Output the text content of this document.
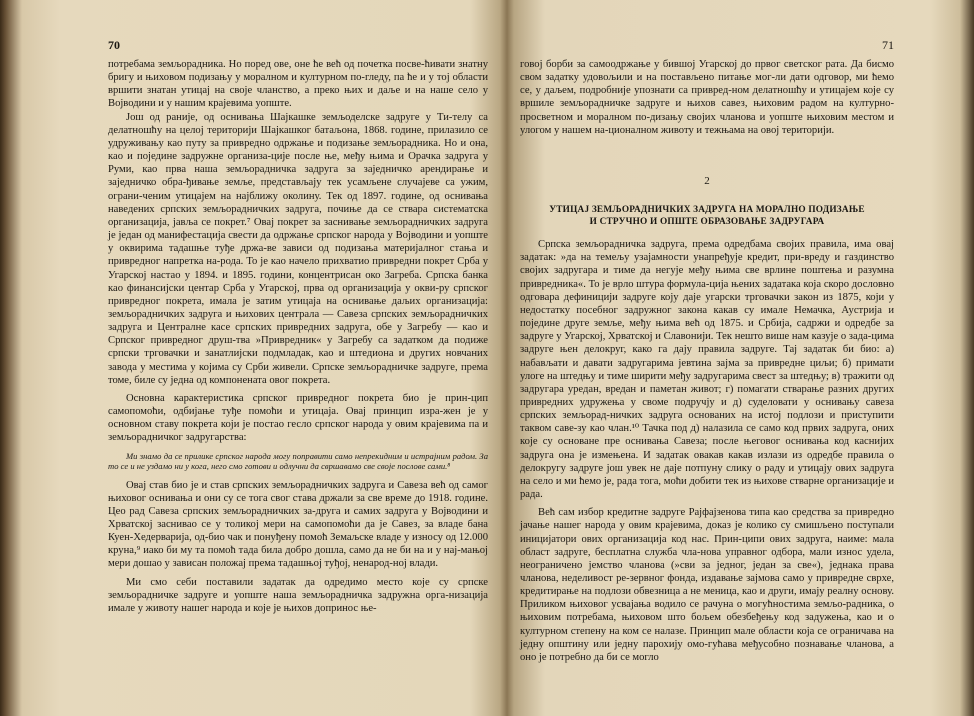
70

потребама земљорадника. Но поред ове, оне ће већ од почетка посве-ћивати знатну бригу и њиховом подизању у моралном и културном по-гледу, па ће и у тој области вршити знатан утицај на своје чланство, а преко њих и даље и на наше село у Војводини и у нашим крајевима уопште.

Још од раније, од оснивања Шајкашке земљоделске задруге у Ти-телу са делатношћу на целој територији Шајкашког батаљона, 1868. године, прилазило се удруживању као путу за привредно одржање и подизање земљорадника. Но и она, као и поједине задружне организа-ције после ње, међу њима и Орачка задруга у Руми, као прва наша земљорадничка задруга за заједничко арендирање и заједничко обра-ђивање земље, представљају тек усамљене случајеве са ужим, ограни-ченим утицајем на најближу околину. Тек од 1897. године, од оснивања наведених српских земљорадничких задруга, почиње да се ствара систематска организација, јавља се покрет.⁷ Овај покрет за заснивање земљорадничких задруга је један од манифестација свести да одржање српског народа у Војводини и уопште у оквирима тадашње туђе држа-ве зависи од подизања материјалног стања и привредног напретка на-рода. То је као начело прихватио привредни покрет Срба у Угарској настао у 1894. и 1895. години, концентрисан око Загреба. Српска банка као финансијски центар Срба у Угарској, прва од организација у окви-ру српског привредног покрета, имала је затим утицаја на оснивање даљих организација: земљорадничких задруга и њихових централа — Савеза српских земљорадничких задруга и Централне касе српских привредних задруга, обе у Загребу — као и Српског привредног друш-тва »Привредник« у Загребу са задатком да подиже српски трговачки и занатлијски подмладак, као и штедиона и других новчаних завода у местима у којима су Срби живели. Српске земљорадничке задруге, према томе, биле су једна од компонената овог покрета.

Основна карактеристика српског привредног покрета био је прин-цип самопомоћи, одбијање туђе помоћи и утицаја. Овај принцип изра-жен је у основном ставу покрета који је постао гесло српског народа у овим крајевима па и земљорадничког задругарства:

Ми знамо да се прилике српског народа могу поправити само непрекидним и истрајним радом. За то се и не уздамо ни у кога, него смо готови и одлучни да свршавамо све своје послове сами.⁸

Овај став био је и став српских земљорадничких задруга и Савеза већ од самог њиховог оснивања и они су се тога свог става држали за све време до 1918. године. Цео рад Савеза српских земљорадничких за-друга и самих задруга у Војводини и Хрватској заснивао се у толикој мери на самопомоћи да је Савез, за владе бана Куен-Хедерварија, од-био чак и понуђену помоћ Земаљске владе у износу од 12.000 круна,⁹ иако би му та помоћ тада била добро дошла, само да не би на и у нај-мањој мери дошао у зависан положај према тадашњој туђој, ненарод-ној влади.

Ми смо себи поставили задатак да одредимо место које су српске земљорадничке задруге и уопште наша земљорадничка задружна орга-низација имале у животу нашег народа и које је њихов допринос ње-

71

говој борби за самоодржање у бившој Угарској до првог светског рата. Да бисмо свом задатку удовољили и на постављено питање мог-ли дати одговор, ми ћемо се, у даљем, подробније упознати са привред-ном делатношћу и утицајем које су вршиле земљорадничке задруге и њихов савез, њиховим радом на културно-просветном и моралном по-дизању својих чланова и уопште њиховим местом и улогом у нашем на-ционалном животу и тежњама на овој територији.

2
УТИЦАЈ ЗЕМЉОРАДНИЧКИХ ЗАДРУГА НА МОРАЛНО ПОДИЗАЊЕ
И СТРУЧНО И ОПШТЕ ОБРАЗОВАЊЕ ЗАДРУГАРА

Српска земљорадничка задруга, према одредбама својих правила, има овај задатак: »да на темељу узајамности унапређује кредит, при-вреду и газдинство својих задругара и тиме да негује међу њима све врлине поштења и разумна привредника«. То је врло штура формула-ција њених задатака која скоро дословно одговара дефиницији задруге коју даје угарски трговачки закон из 1875, који у недостатку посебног задружног закона какав су имале Немачка, Аустрија и поједине друге земље, међу њима већ од 1875. и Србија, садржи и одредбе за задруге у Угарској, Хрватској и Славонији. Тек нешто више нам казује о зада-цима задруге њен делокруг, како га дају правила задруге. Тај задатак би био: а) набављати и давати задругарима јевтина зајма за привредне циљи; б) примати улоге на штедњу и тиме ширити међу задругарима свест за штедњу; в) тражити од задругара уредан, вредан и паметан живот; г) помагати стварање разних других привредних удружења у своме подручју и д) суделовати у оснивању савеза српских земљорад-ничких задруга основаних на истој подлози и приступити таквом саве-зу као члан.¹⁰ Тачка под д) налазила се само код првих задруга, оних које су основане пре оснивања Савеза; после његовог оснивања код каснијих задруга она је измењена. И задатак овакав какав излази из одредбе правила о делокругу задруге још увек не даје потпуну слику о раду и утицају ових задруга на село и ми ћемо је, рада тога, моћи добити тек из њихове стварне организације и рада.

Већ сам избор кредитне задруге Рајфајзенова типа као средства за привредно јачање нашег народа у овим крајевима, доказ је колико су смишљено поступали иницијатори ових организација код нас. Прин-ципи ових задруга, наиме: мала област задруге, бесплатна служба чла-нова управног одбора, мали износ уделa, неограничено јемство чланова (»сви за једног, један за све«), једнака права чланова, неделивост ре-зервног фонда, издавање зајмова само у привредне сврхе, кредитирање на подлози обвезница а не меница, као и други, имају реалну основу. Приликом њиховог усвајања водило се рачуна о могућностима земљо-радника, о њиховим потребама, њиховом што бољем обезбеђењу код задужења, као и о културном степену на ком се налазе. Принцип мале области која се ограничава на једну општину или једну парохију омо-гућава међусобно познавање чланова, а оно је потребно да би се могло
